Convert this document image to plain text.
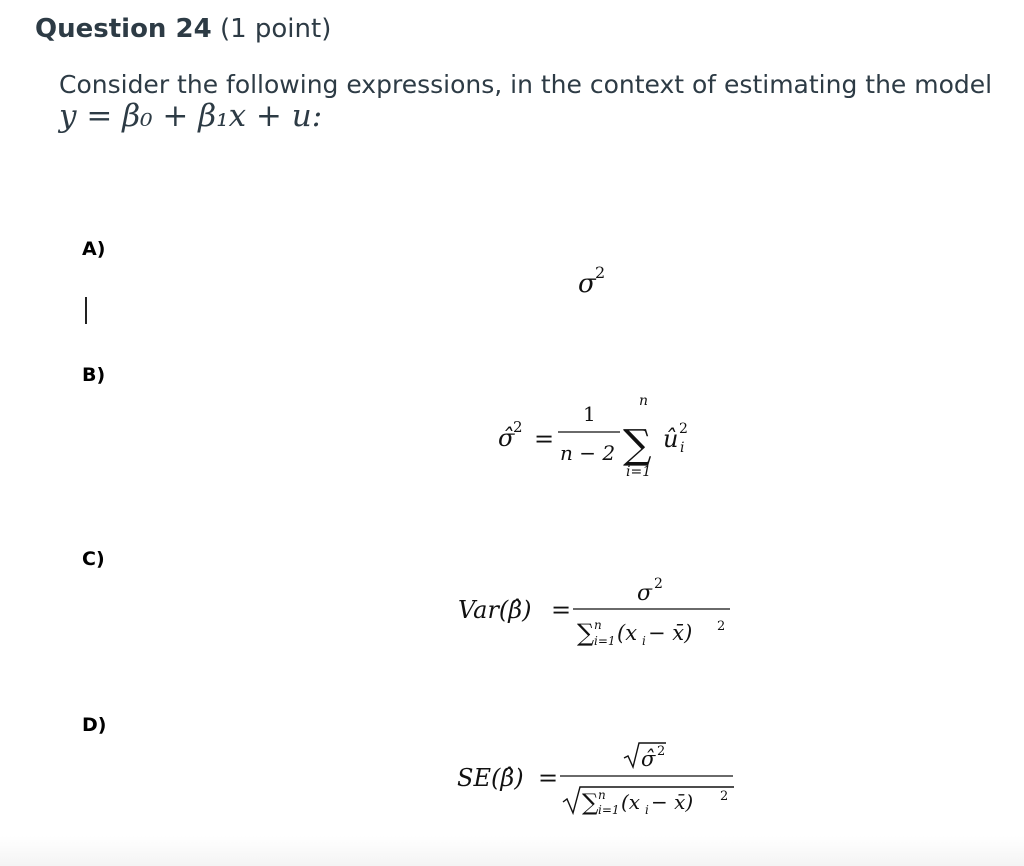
Question 24 (1 point)
Consider the following expressions, in the context of estimating the model
y = β₀ + β₁x + u:
A)
B)
C)
D)
σ 2
σ̂
2 =
1
n − 2
n
∑
i=1
û 2
i
Var(β̂) =
σ 2
∑ n
i=1 (x i − x̄) 2
SE(β̂) =
σ̂ 2
∑ n
i=1 (x i − x̄) 2
